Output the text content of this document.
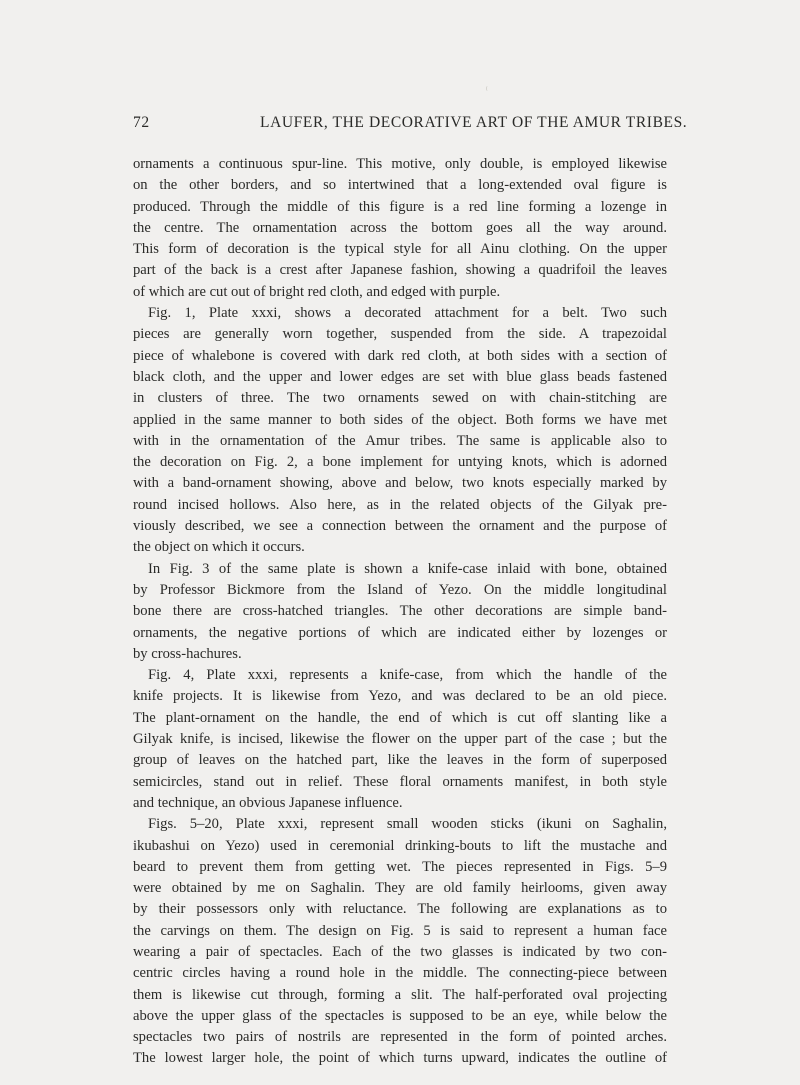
72	LAUFER, THE DECORATIVE ART OF THE AMUR TRIBES.
ornaments a continuous spur-line. This motive, only double, is employed likewise
on the other borders, and so intertwined that a long-extended oval figure is
produced. Through the middle of this figure is a red line forming a lozenge in
the centre. The ornamentation across the bottom goes all the way around.
This form of decoration is the typical style for all Ainu clothing. On the upper
part of the back is a crest after Japanese fashion, showing a quadrifoil the leaves
of which are cut out of bright red cloth, and edged with purple.
Fig. 1, Plate xxxi, shows a decorated attachment for a belt. Two such
pieces are generally worn together, suspended from the side. A trapezoidal
piece of whalebone is covered with dark red cloth, at both sides with a section of
black cloth, and the upper and lower edges are set with blue glass beads fastened
in clusters of three. The two ornaments sewed on with chain-stitching are
applied in the same manner to both sides of the object. Both forms we have met
with in the ornamentation of the Amur tribes. The same is applicable also to
the decoration on Fig. 2, a bone implement for untying knots, which is adorned
with a band-ornament showing, above and below, two knots especially marked by
round incised hollows. Also here, as in the related objects of the Gilyak pre-
viously described, we see a connection between the ornament and the purpose of
the object on which it occurs.
In Fig. 3 of the same plate is shown a knife-case inlaid with bone, obtained
by Professor Bickmore from the Island of Yezo. On the middle longitudinal
bone there are cross-hatched triangles. The other decorations are simple band-
ornaments, the negative portions of which are indicated either by lozenges or
by cross-hachures.
Fig. 4, Plate xxxi, represents a knife-case, from which the handle of the
knife projects. It is likewise from Yezo, and was declared to be an old piece.
The plant-ornament on the handle, the end of which is cut off slanting like a
Gilyak knife, is incised, likewise the flower on the upper part of the case ; but the
group of leaves on the hatched part, like the leaves in the form of superposed
semicircles, stand out in relief. These floral ornaments manifest, in both style
and technique, an obvious Japanese influence.
Figs. 5–20, Plate xxxi, represent small wooden sticks (ikuni on Saghalin,
ikubashui on Yezo) used in ceremonial drinking-bouts to lift the mustache and
beard to prevent them from getting wet. The pieces represented in Figs. 5–9
were obtained by me on Saghalin. They are old family heirlooms, given away
by their possessors only with reluctance. The following are explanations as to
the carvings on them. The design on Fig. 5 is said to represent a human face
wearing a pair of spectacles. Each of the two glasses is indicated by two con-
centric circles having a round hole in the middle. The connecting-piece between
them is likewise cut through, forming a slit. The half-perforated oval projecting
above the upper glass of the spectacles is supposed to be an eye, while below the
spectacles two pairs of nostrils are represented in the form of pointed arches.
The lowest larger hole, the point of which turns upward, indicates the outline of
